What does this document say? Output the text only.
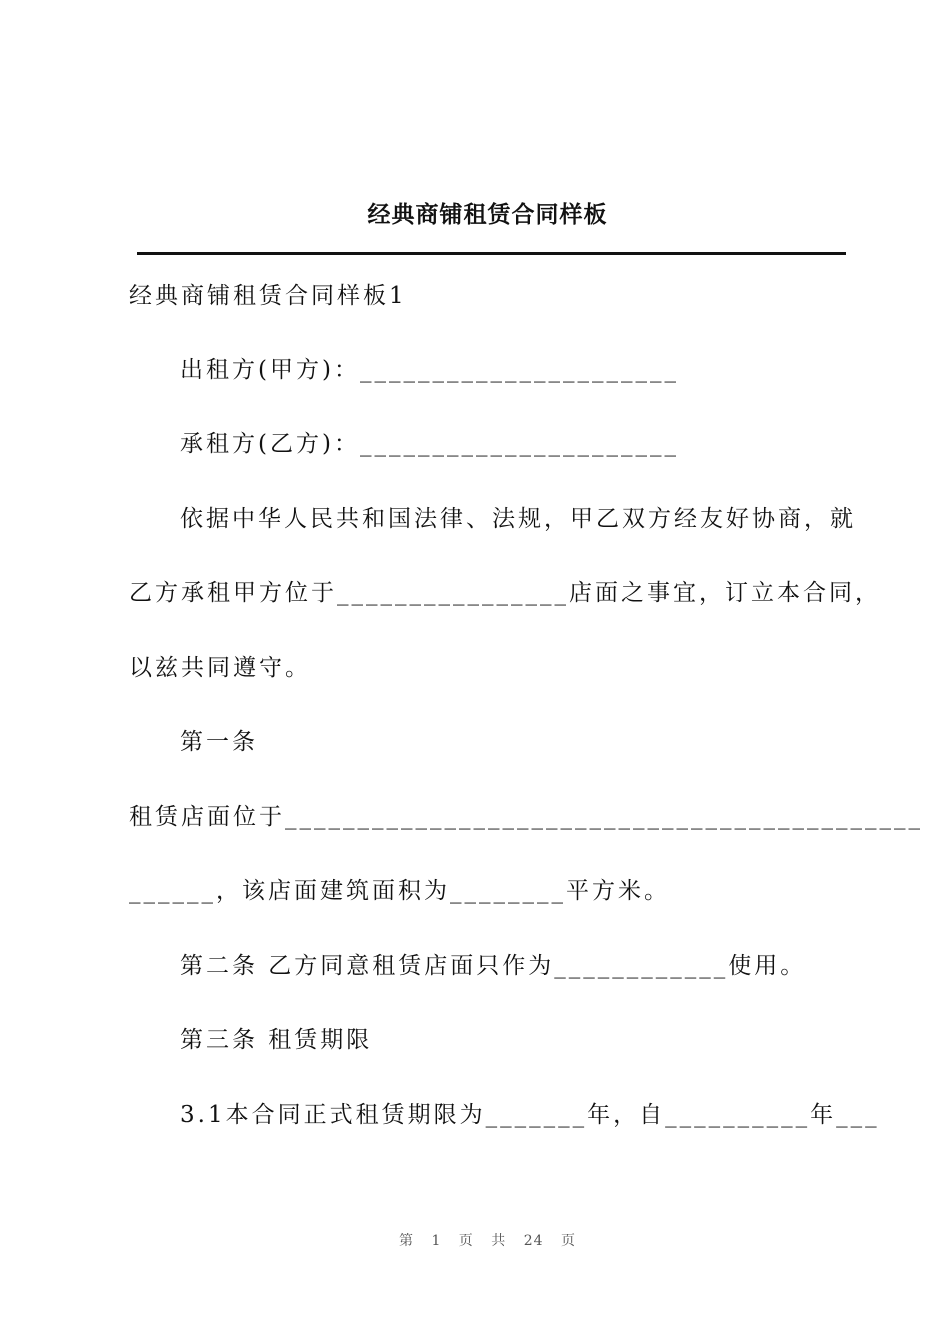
经典商铺租赁合同样板
经典商铺租赁合同样板1
出租方(甲方)：______________________
承租方(乙方)：______________________
依据中华人民共和国法律、法规，甲乙双方经友好协商，就
乙方承租甲方位于________________店面之事宜，订立本合同，
以兹共同遵守。
第一条
租赁店面位于____________________________________________
______，该店面建筑面积为________平方米。
第二条 乙方同意租赁店面只作为____________使用。
第三条 租赁期限
3.1本合同正式租赁期限为_______年，自__________年___
第 1 页 共 24 页
